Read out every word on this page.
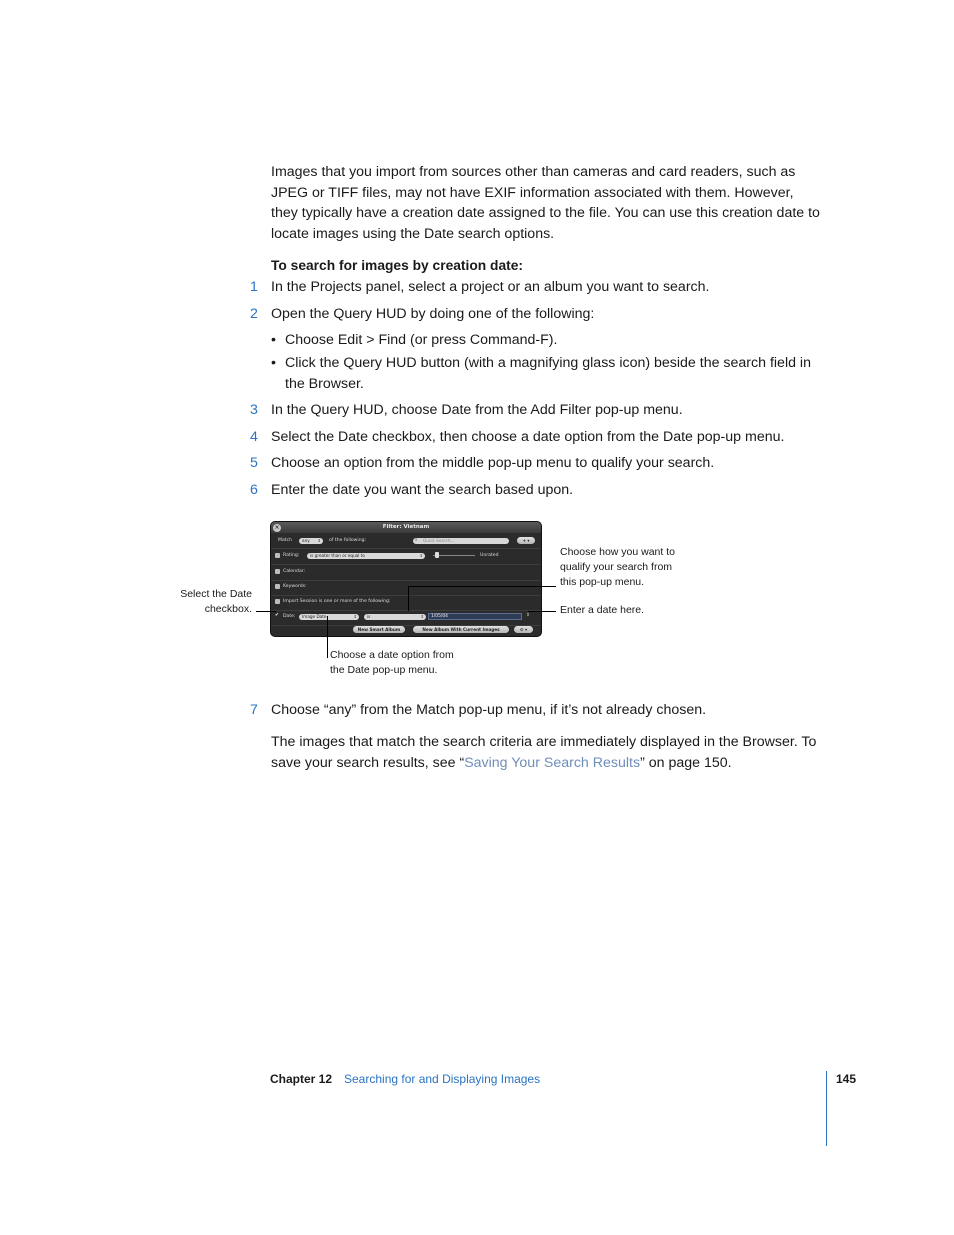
Images that you import from sources other than cameras and card readers, such as JPEG or TIFF files, may not have EXIF information associated with them. However, they typically have a creation date assigned to the file. You can use this creation date to locate images using the Date search options.
To search for images by creation date:
1 In the Projects panel, select a project or an album you want to search.
2 Open the Query HUD by doing one of the following:
• Choose Edit > Find (or press Command-F).
• Click the Query HUD button (with a magnifying glass icon) beside the search field in the Browser.
3 In the Query HUD, choose Date from the Add Filter pop-up menu.
4 Select the Date checkbox, then choose a date option from the Date pop-up menu.
5 Choose an option from the middle pop-up menu to qualify your search.
6 Enter the date you want the search based upon.
×	Filter: Vietnam
Match	any ⇕ of the following:	Quick Search...
⌕	+ ▾
Rating:	is greater than or equal to	⇕	Unrated
Calendar:
Keywords:
Import Session is one or more of the following:
✔ Date:	Image Date	⇕	is	⇕	1/05/04	⇕
New Smart Album	New Album With Current Images	⚙ ▾
Choose how you want to qualify your search from this pop-up menu.
Enter a date here.
Select the Date checkbox.
Choose a date option from the Date pop-up menu.
7 Choose “any” from the Match pop-up menu, if it’s not already chosen.
The images that match the search criteria are immediately displayed in the Browser. To save your search results, see “Saving Your Search Results” on page 150.
Chapter 12 Searching for and Displaying Images	145
